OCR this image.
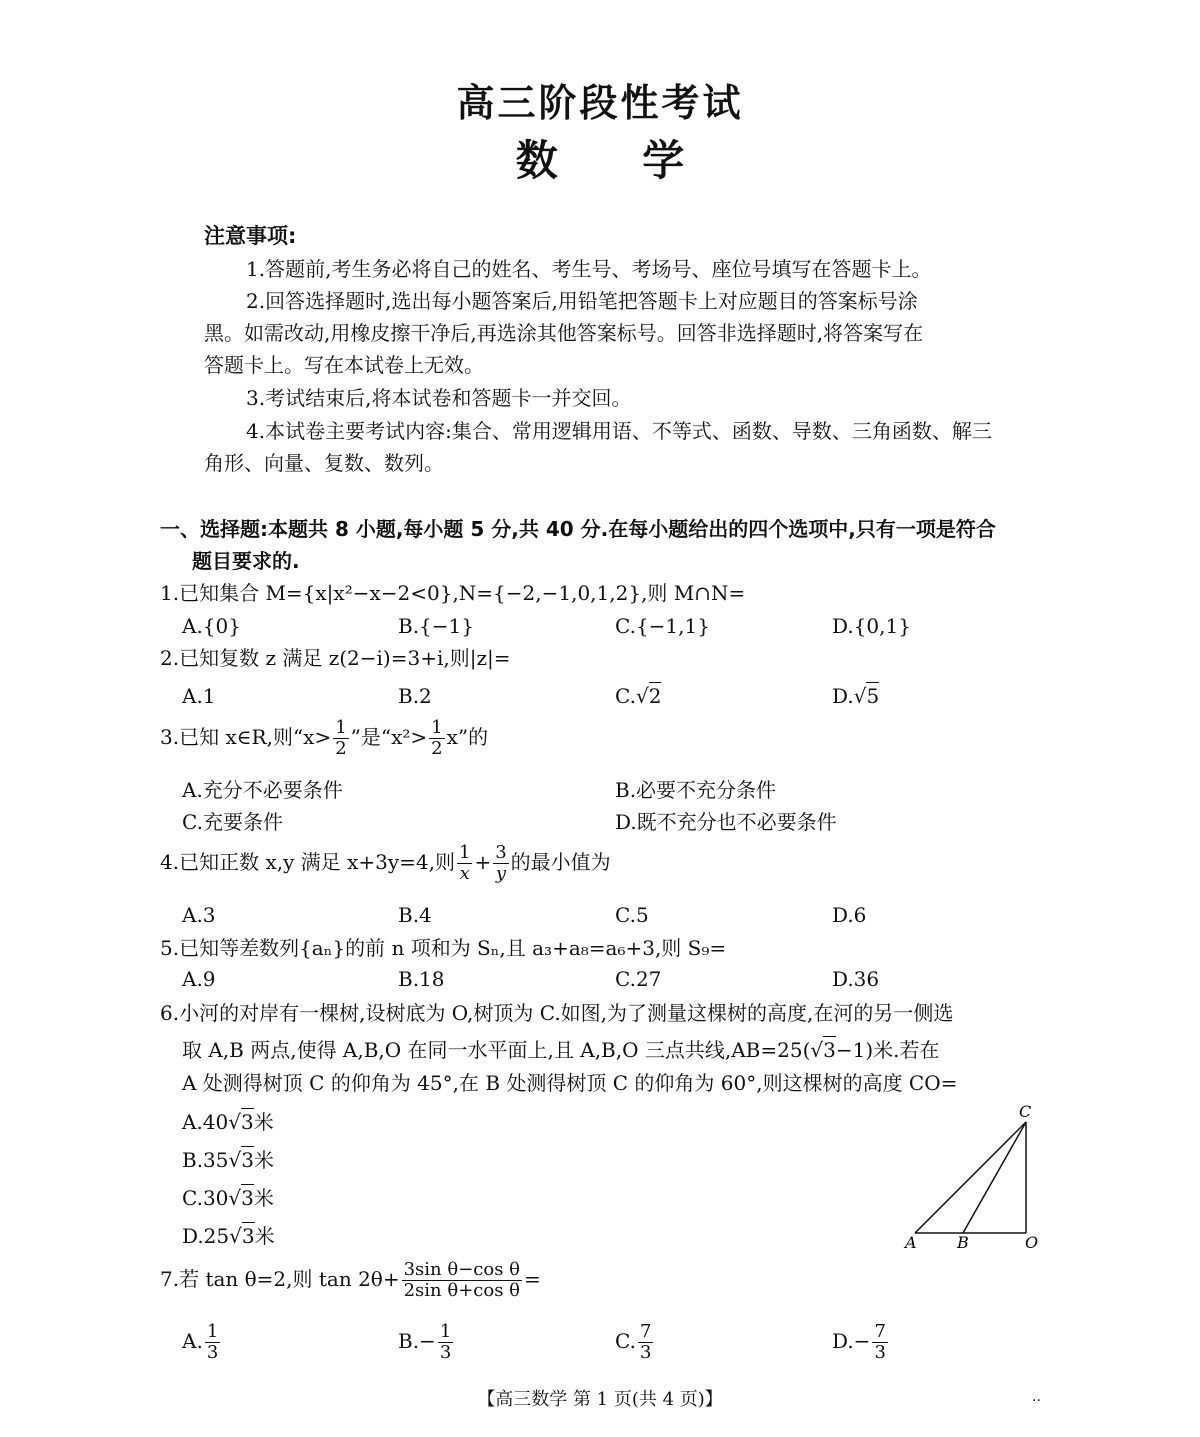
高三阶段性考试
数 学
注意事项:
1.答题前,考生务必将自己的姓名、考生号、考场号、座位号填写在答题卡上。
2.回答选择题时,选出每小题答案后,用铅笔把答题卡上对应题目的答案标号涂
黑。如需改动,用橡皮擦干净后,再选涂其他答案标号。回答非选择题时,将答案写在
答题卡上。写在本试卷上无效。
3.考试结束后,将本试卷和答题卡一并交回。
4.本试卷主要考试内容:集合、常用逻辑用语、不等式、函数、导数、三角函数、解三
角形、向量、复数、数列。
一、选择题:本题共 8 小题,每小题 5 分,共 40 分.在每小题给出的四个选项中,只有一项是符合
题目要求的.
1.已知集合 M={x|x²−x−2<0},N={−2,−1,0,1,2},则 M∩N=
A.{0}	B.{−1}	C.{−1,1}	D.{0,1}
2.已知复数 z 满足 z(2−i)=3+i,则|z|=
A.1	B.2	C.√2	D.√5
3.已知 x∈R,则“$x> \frac{1}{2}$ ”是“$x^2> \frac{1}{2} x$”的
A.充分不必要条件	B.必要不充分条件
C.充要条件	D.既不充分也不必要条件
4.已知正数 x,y 满足 x+3y=4,则 $\frac{1}{x} + \frac{3}{y}$ 的最小值为
A.3	B.4	C.5	D.6
5.已知等差数列{aₙ}的前 n 项和为 Sₙ,且 a₃+a₈=a₆+3,则 S₉=
A.9	B.18	C.27	D.36
6.小河的对岸有一棵树,设树底为 O,树顶为 C.如图,为了测量这棵树的高度,在河的另一侧选
取 A,B 两点,使得 A,B,O 在同一水平面上,且 A,B,O 三点共线,AB=25(√3−1)米.若在
A 处测得树顶 C 的仰角为 45°,在 B 处测得树顶 C 的仰角为 60°,则这棵树的高度 CO=
A.40√3米
B.35√3米
C.30√3米
D.25√3米	A	B	O
C
7.若 tan θ=2,则 $\tan 2\theta+ \frac{\text{3sin θ−cos θ}}{\text{2sin θ+cos θ}}$ =
A. $\frac{1}{3}$	$B.- \frac{1}{3}$	C. $\frac{7}{3}$	$D.- \frac{7}{3}$
【高三数学 第 1 页(共 4 页)】	··
